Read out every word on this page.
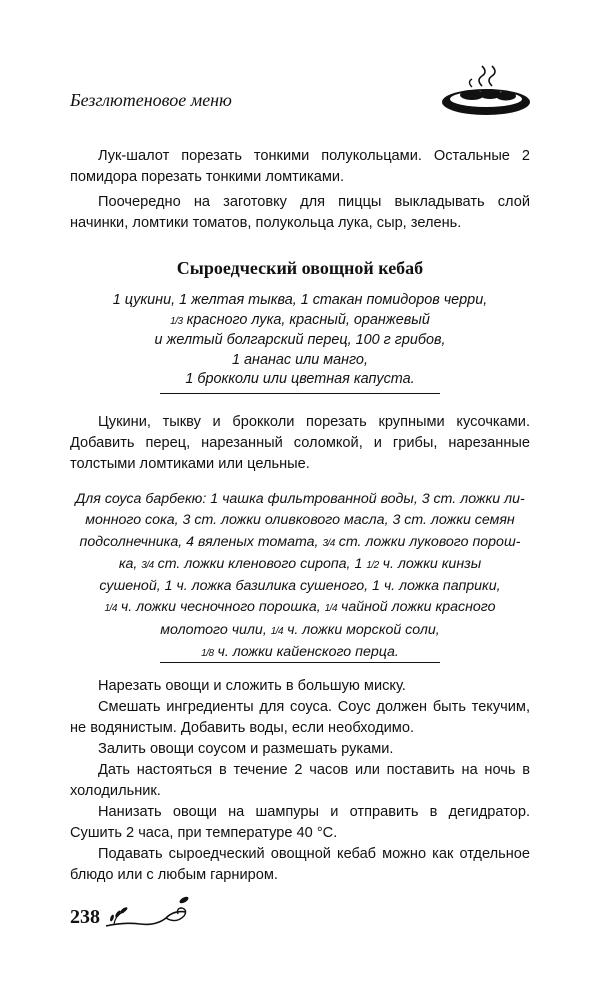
Безглютеновое меню

Лук-шалот порезать тонкими полукольцами. Остальные 2 помидора порезать тонкими ломтиками.

Поочередно на заготовку для пиццы выкладывать слой начинки, ломтики томатов, полукольца лука, сыр, зелень.

Сыроедческий овощной кебаб
1 цукини, 1 желтая тыква, 1 стакан помидоров черри,
1/3 красного лука, красный, оранжевый
и желтый болгарский перец, 100 г грибов,
1 ананас или манго,
1 брокколи или цветная капуста.

Цукини, тыкву и брокколи порезать крупными кусочками. Добавить перец, нарезанный соломкой, и грибы, нарезанные толстыми ломтиками или цельные.

Для соуса барбекю: 1 чашка фильтрованной воды, 3 ст. ложки ли-
монного сока, 3 ст. ложки оливкового масла, 3 ст. ложки семян
подсолнечника, 4 вяленых томата, 3/4 ст. ложки лукового порош-
ка, 3/4 ст. ложки кленового сиропа, 1 1/2 ч. ложки кинзы
сушеной, 1 ч. ложка базилика сушеного, 1 ч. ложка паприки,
1/4 ч. ложки чесночного порошка, 1/4 чайной ложки красного
молотого чили, 1/4 ч. ложки морской соли,
1/8 ч. ложки кайенского перца.

Нарезать овощи и сложить в большую миску.

Смешать ингредиенты для соуса. Соус должен быть текучим, не водянистым. Добавить воды, если необходимо.

Залить овощи соусом и размешать руками.

Дать настояться в течение 2 часов или поставить на ночь в холодильник.

Нанизать овощи на шампуры и отправить в дегидратор. Сушить 2 часа, при температуре 40 °С.

Подавать сыроедческий овощной кебаб можно как отдельное блюдо или с любым гарниром.

238
